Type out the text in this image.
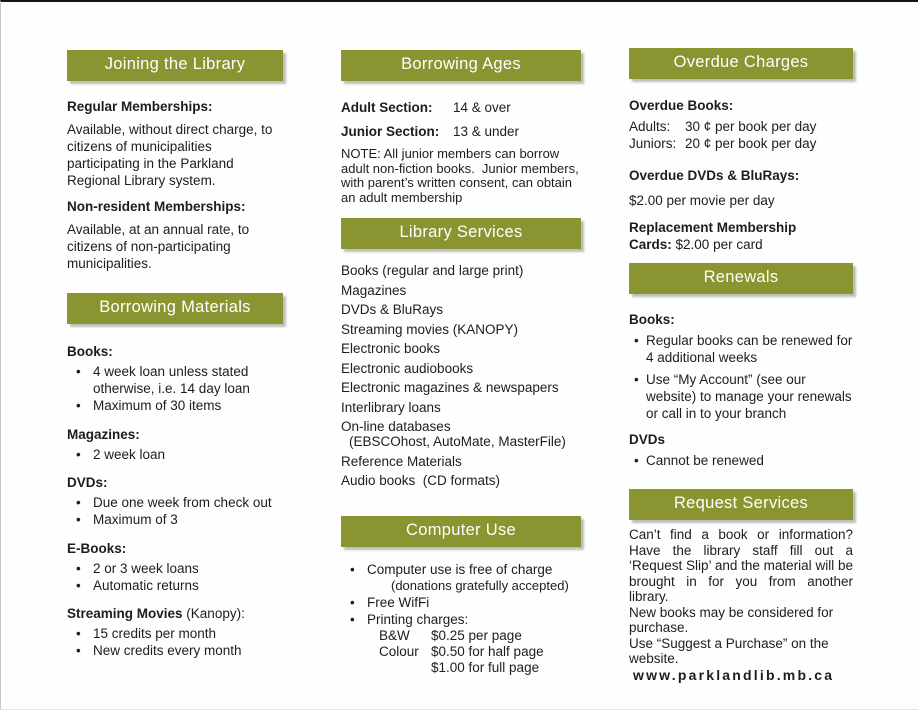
Joining the Library
Regular Memberships:
Available, without direct charge, to citizens of municipalities participating in the Parkland Regional Library system.
Non-resident Memberships:
Available, at an annual rate, to citizens of non-participating municipalities.
Borrowing Materials
Books:
•
4 week loan unless stated otherwise, i.e. 14 day loan
•
Maximum of 30 items
Magazines:
•
2 week loan
DVDs:
•
Due one week from check out
•
Maximum of 3
E-Books:
•
2 or 3 week loans
•
Automatic returns
Streaming Movies (Kanopy):
•
15 credits per month
•
New credits every month
Borrowing Ages
Adult Section:	14 & over
Junior Section:	13 & under
NOTE: All junior members can borrow adult non-fiction books.  Junior members, with parent’s written consent, can obtain an adult membership
Library Services
Books (regular and large print)
Magazines
DVDs & BluRays
Streaming movies (KANOPY)
Electronic books
Electronic audiobooks
Electronic magazines & newspapers
Interlibrary loans
On-line databases
(EBSCOhost, AutoMate, MasterFile)
Reference Materials
Audio books  (CD formats)
Computer Use
•
Computer use is free of charge
(donations gratefully accepted)
•
Free WifFi
•
Printing charges:
B&W	$0.25 per page
Colour $0.50 for half page
$1.00 for full page
Overdue Charges
Overdue Books:
Adults:	30 ¢ per book per day
Juniors: 20 ¢ per book per day
Overdue DVDs & BluRays:
$2.00 per movie per day
Replacement Membership
Cards: $2.00 per card
Renewals
Books:
•
Regular books can be renewed for 4 additional weeks
•
Use “My Account” (see our website) to manage your renewals or call in to your branch
DVDs
•
Cannot be renewed
Request Services
Can’t find a book or information? Have the library staff fill out a ‘Request Slip’ and the material will be brought in for you from another library.
New books may be considered for purchase.
Use “Suggest a Purchase” on the website.
www.parklandlib.mb.ca
